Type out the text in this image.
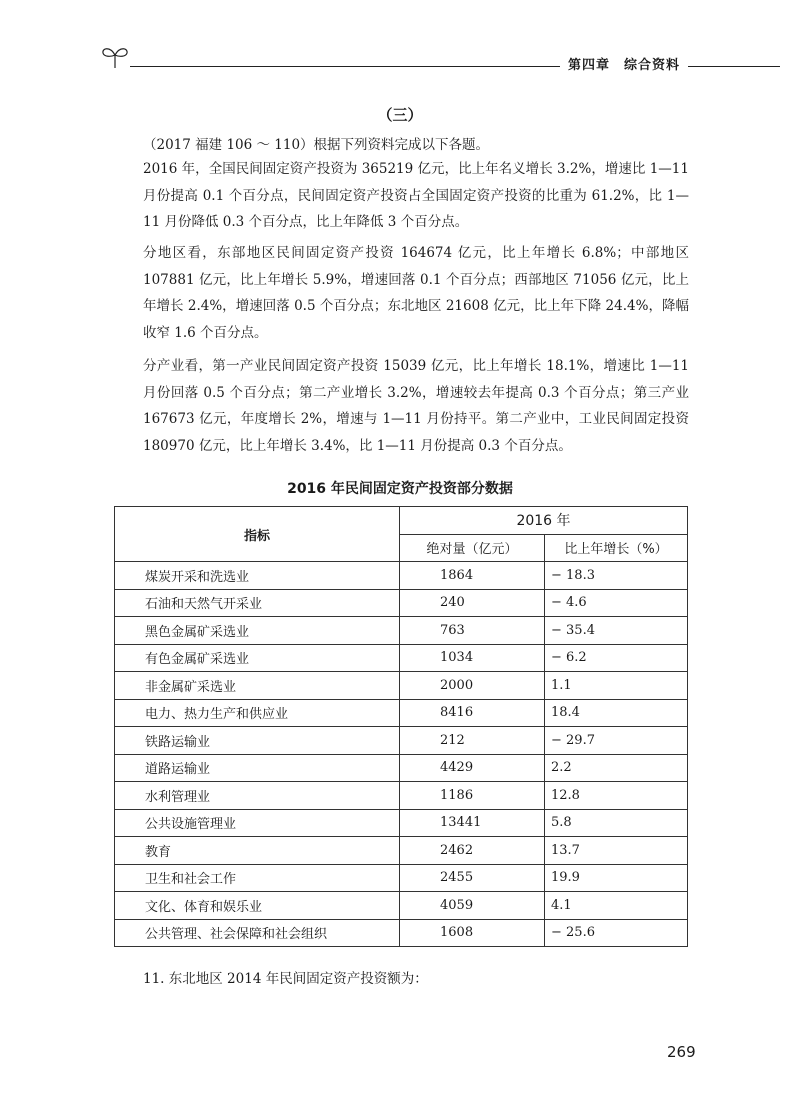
第四章 综合资料
（三）
（2017 福建 106 ～ 110）根据下列资料完成以下各题。
2016 年，全国民间固定资产投资为 365219 亿元，比上年名义增长 3.2%，增速比 1—11 月份提高 0.1 个百分点，民间固定资产投资占全国固定资产投资的比重为 61.2%，比 1—11 月份降低 0.3 个百分点，比上年降低 3 个百分点。
分地区看，东部地区民间固定资产投资 164674 亿元，比上年增长 6.8%；中部地区 107881 亿元，比上年增长 5.9%，增速回落 0.1 个百分点；西部地区 71056 亿元，比上年增长 2.4%，增速回落 0.5 个百分点；东北地区 21608 亿元，比上年下降 24.4%，降幅收窄 1.6 个百分点。
分产业看，第一产业民间固定资产投资 15039 亿元，比上年增长 18.1%，增速比 1—11 月份回落 0.5 个百分点；第二产业增长 3.2%，增速较去年提高 0.3 个百分点；第三产业 167673 亿元，年度增长 2%，增速与 1—11 月份持平。第二产业中，工业民间固定投资 180970 亿元，比上年增长 3.4%，比 1—11 月份提高 0.3 个百分点。
2016 年民间固定资产投资部分数据
指标	2016 年	
	绝对量（亿元）	比上年增长（%）
煤炭开采和洗选业	1864	− 18.3
石油和天然气开采业	240	− 4.6
黑色金属矿采选业	763	− 35.4
有色金属矿采选业	1034	− 6.2
非金属矿采选业	2000	1.1
电力、热力生产和供应业	8416	18.4
铁路运输业	212	− 29.7
道路运输业	4429	2.2
水利管理业	1186	12.8
公共设施管理业	13441	5.8
教育	2462	13.7
卫生和社会工作	2455	19.9
文化、体育和娱乐业	4059	4.1
公共管理、社会保障和社会组织	1608	− 25.6
11. 东北地区 2014 年民间固定资产投资额为：
269
